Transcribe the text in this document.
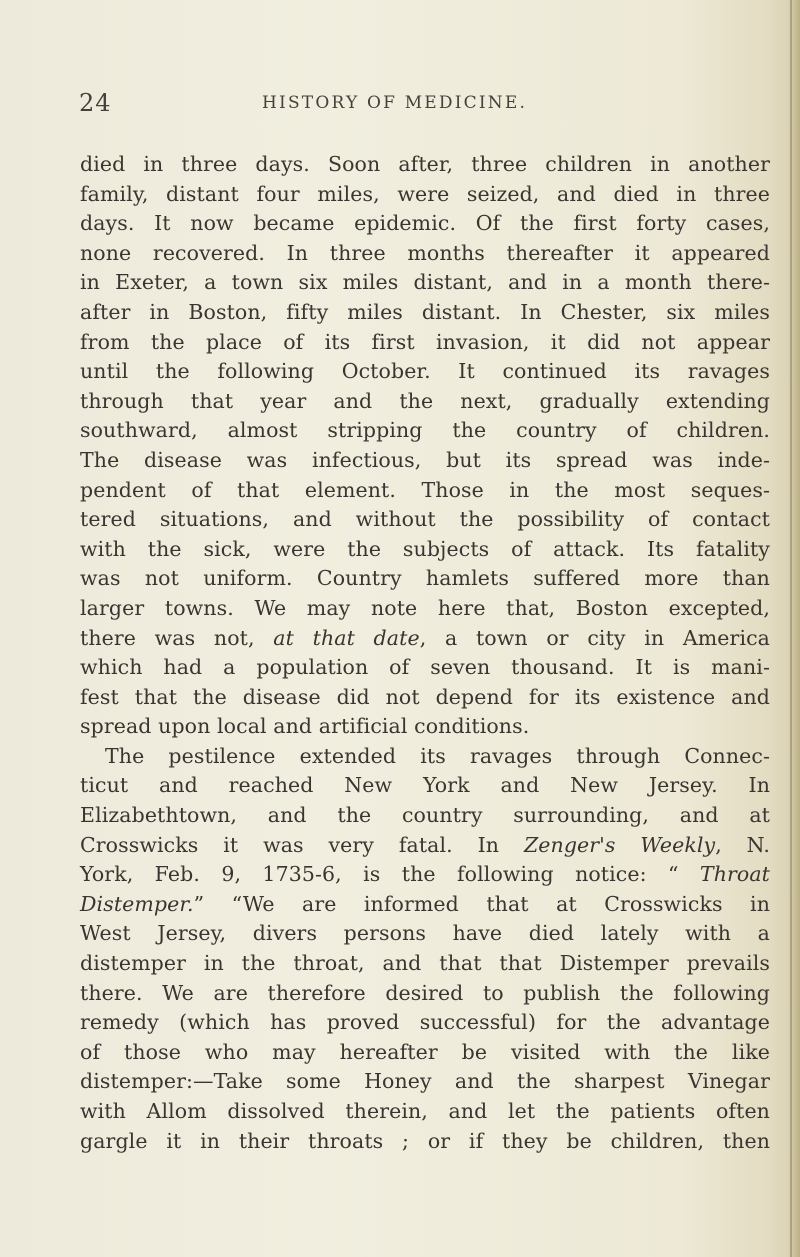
24	HISTORY OF MEDICINE.
died in three days. Soon after, three children in another
family, distant four miles, were seized, and died in three
days. It now became epidemic. Of the first forty cases,
none recovered. In three months thereafter it appeared
in Exeter, a town six miles distant, and in a month there-
after in Boston, fifty miles distant. In Chester, six miles
from the place of its first invasion, it did not appear
until the following October. It continued its ravages
through that year and the next, gradually extending
southward, almost stripping the country of children.
The disease was infectious, but its spread was inde-
pendent of that element. Those in the most seques-
tered situations, and without the possibility of contact
with the sick, were the subjects of attack. Its fatality
was not uniform. Country hamlets suffered more than
larger towns. We may note here that, Boston excepted,
there was not, at that date, a town or city in America
which had a population of seven thousand. It is mani-
fest that the disease did not depend for its existence and
spread upon local and artificial conditions.
The pestilence extended its ravages through Connec-
ticut and reached New York and New Jersey. In
Elizabethtown, and the country surrounding, and at
Crosswicks it was very fatal. In Zenger's Weekly, N.
York, Feb. 9, 1735-6, is the following notice: “ Throat
Distemper.” “We are informed that at Crosswicks in
West Jersey, divers persons have died lately with a
distemper in the throat, and that that Distemper prevails
there. We are therefore desired to publish the following
remedy (which has proved successful) for the advantage
of those who may hereafter be visited with the like
distemper:—Take some Honey and the sharpest Vinegar
with Allom dissolved therein, and let the patients often
gargle it in their throats ; or if they be children, then
